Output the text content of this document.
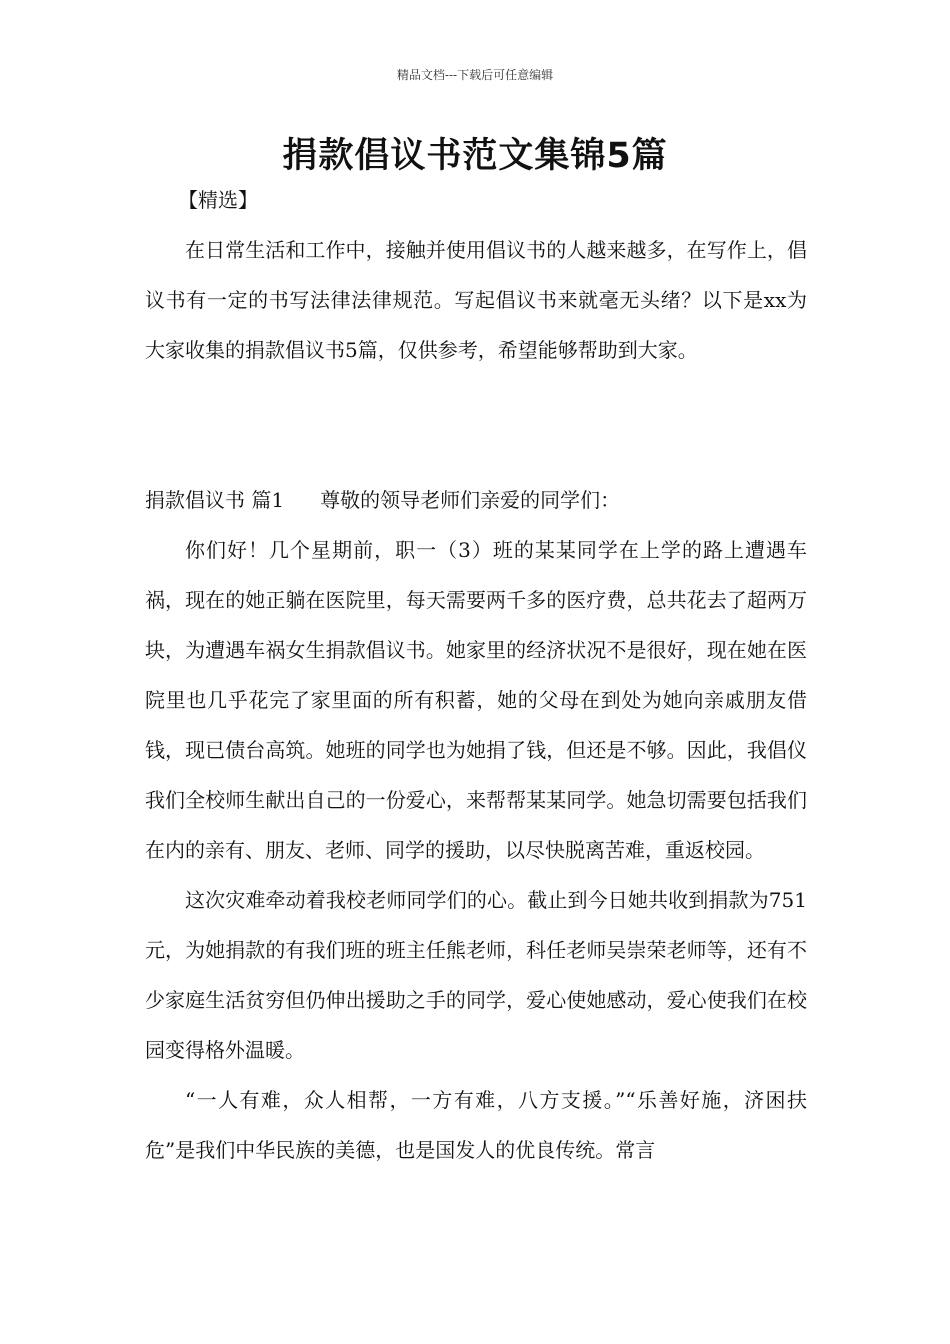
精品文档---下载后可任意编辑
捐款倡议书范文集锦5篇
【精选】

在日常生活和工作中，接触并使用倡议书的人越来越多，在写作上，倡议书有一定的书写法律法律规范。写起倡议书来就毫无头绪？以下是xx为大家收集的捐款倡议书5篇，仅供参考，希望能够帮助到大家。

捐款倡议书 篇1 尊敬的领导老师们亲爱的同学们：

你们好！几个星期前，职一（3）班的某某同学在上学的路上遭遇车祸，现在的她正躺在医院里，每天需要两千多的医疗费，总共花去了超两万块，为遭遇车祸女生捐款倡议书。她家里的经济状况不是很好，现在她在医院里也几乎花完了家里面的所有积蓄，她的父母在到处为她向亲戚朋友借钱，现已债台高筑。她班的同学也为她捐了钱，但还是不够。因此，我倡仪我们全校师生献出自己的一份爱心，来帮帮某某同学。她急切需要包括我们在内的亲有、朋友、老师、同学的援助，以尽快脱离苦难，重返校园。

这次灾难牵动着我校老师同学们的心。截止到今日她共收到捐款为751元，为她捐款的有我们班的班主任熊老师，科任老师吴崇荣老师等，还有不少家庭生活贫穷但仍伸出援助之手的同学，爱心使她感动，爱心使我们在校园变得格外温暖。

“一人有难，众人相帮，一方有难，八方支援。”“乐善好施，济困扶危”是我们中华民族的美德，也是国发人的优良传统。常言
